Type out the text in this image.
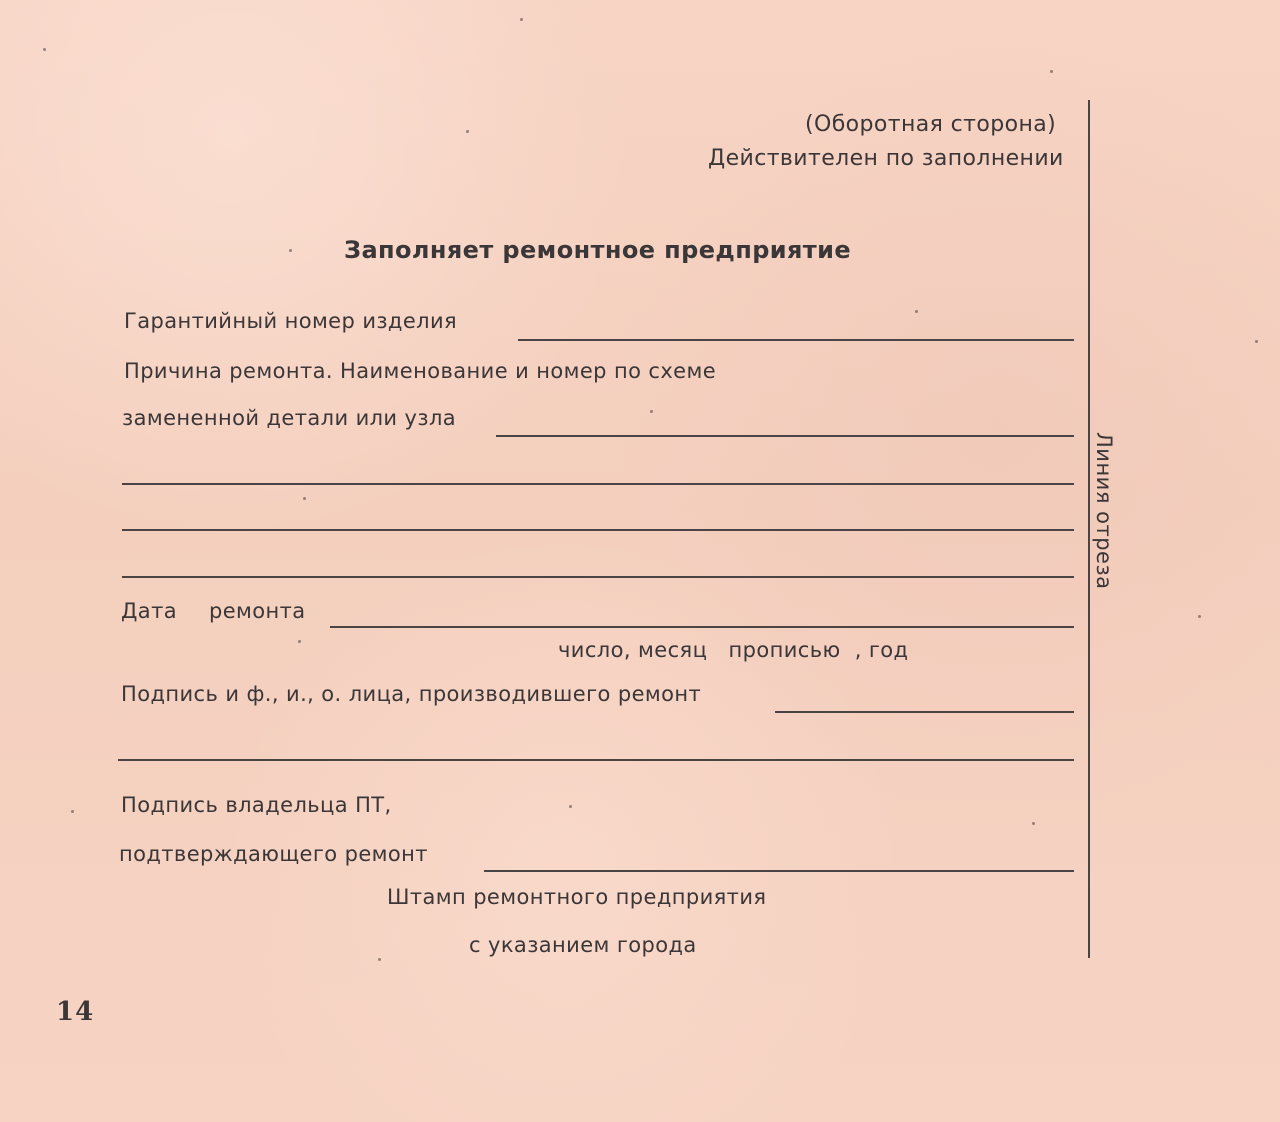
(Оборотная сторона)
Действителен по заполнении
Линия отреза
Заполняет ремонтное предприятие
Гарантийный номер изделия
Причина ремонта. Наименование и номер по схеме
замененной детали или узла
Дата ремонта
число, месяц   прописью  , год
Подпись и ф., и., о. лица, производившего ремонт
Подпись владельца ПТ,
подтверждающего ремонт
Штамп ремонтного предприятия
с указанием города
14
